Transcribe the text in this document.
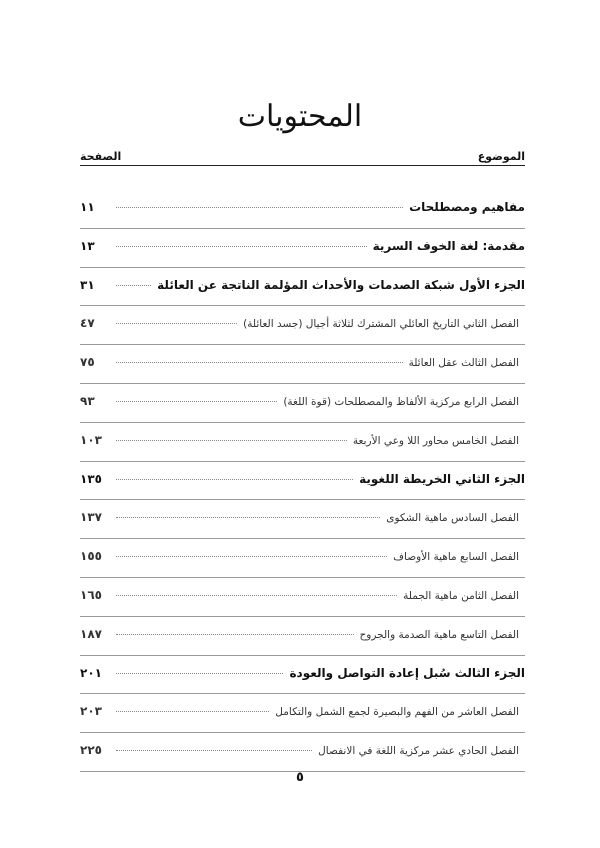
المحتويات
الموضوع
الصفحة
مفاهيم ومصطلحات
١١
مقدمة: لغة الخوف السرية
١٣
الجزء الأول شبكة الصدمات والأحداث المؤلمة الناتجة عن العائلة
٣١
الفصل الثاني التاريخ العائلي المشترك لثلاثة أجيال (جسد العائلة)
٤٧
الفصل الثالث عقل العائلة
٧٥
الفصل الرابع مركزية الألفاظ والمصطلحات (قوة اللغة)
٩٣
الفصل الخامس محاور اللا وعي الأربعة
١٠٣
الجزء الثاني الخريطة اللغوية
١٣٥
الفصل السادس ماهية الشكوى
١٣٧
الفصل السابع ماهية الأوصاف
١٥٥
الفصل الثامن ماهية الجملة
١٦٥
الفصل التاسع ماهية الصدمة والجروح
١٨٧
الجزء الثالث سُبل إعادة التواصل والعودة
٢٠١
الفصل العاشر من الفهم والبصيرة لجمع الشمل والتكامل
٢٠٣
الفصل الحادي عشر مركزية اللغة في الانفصال
٢٢٥
٥
